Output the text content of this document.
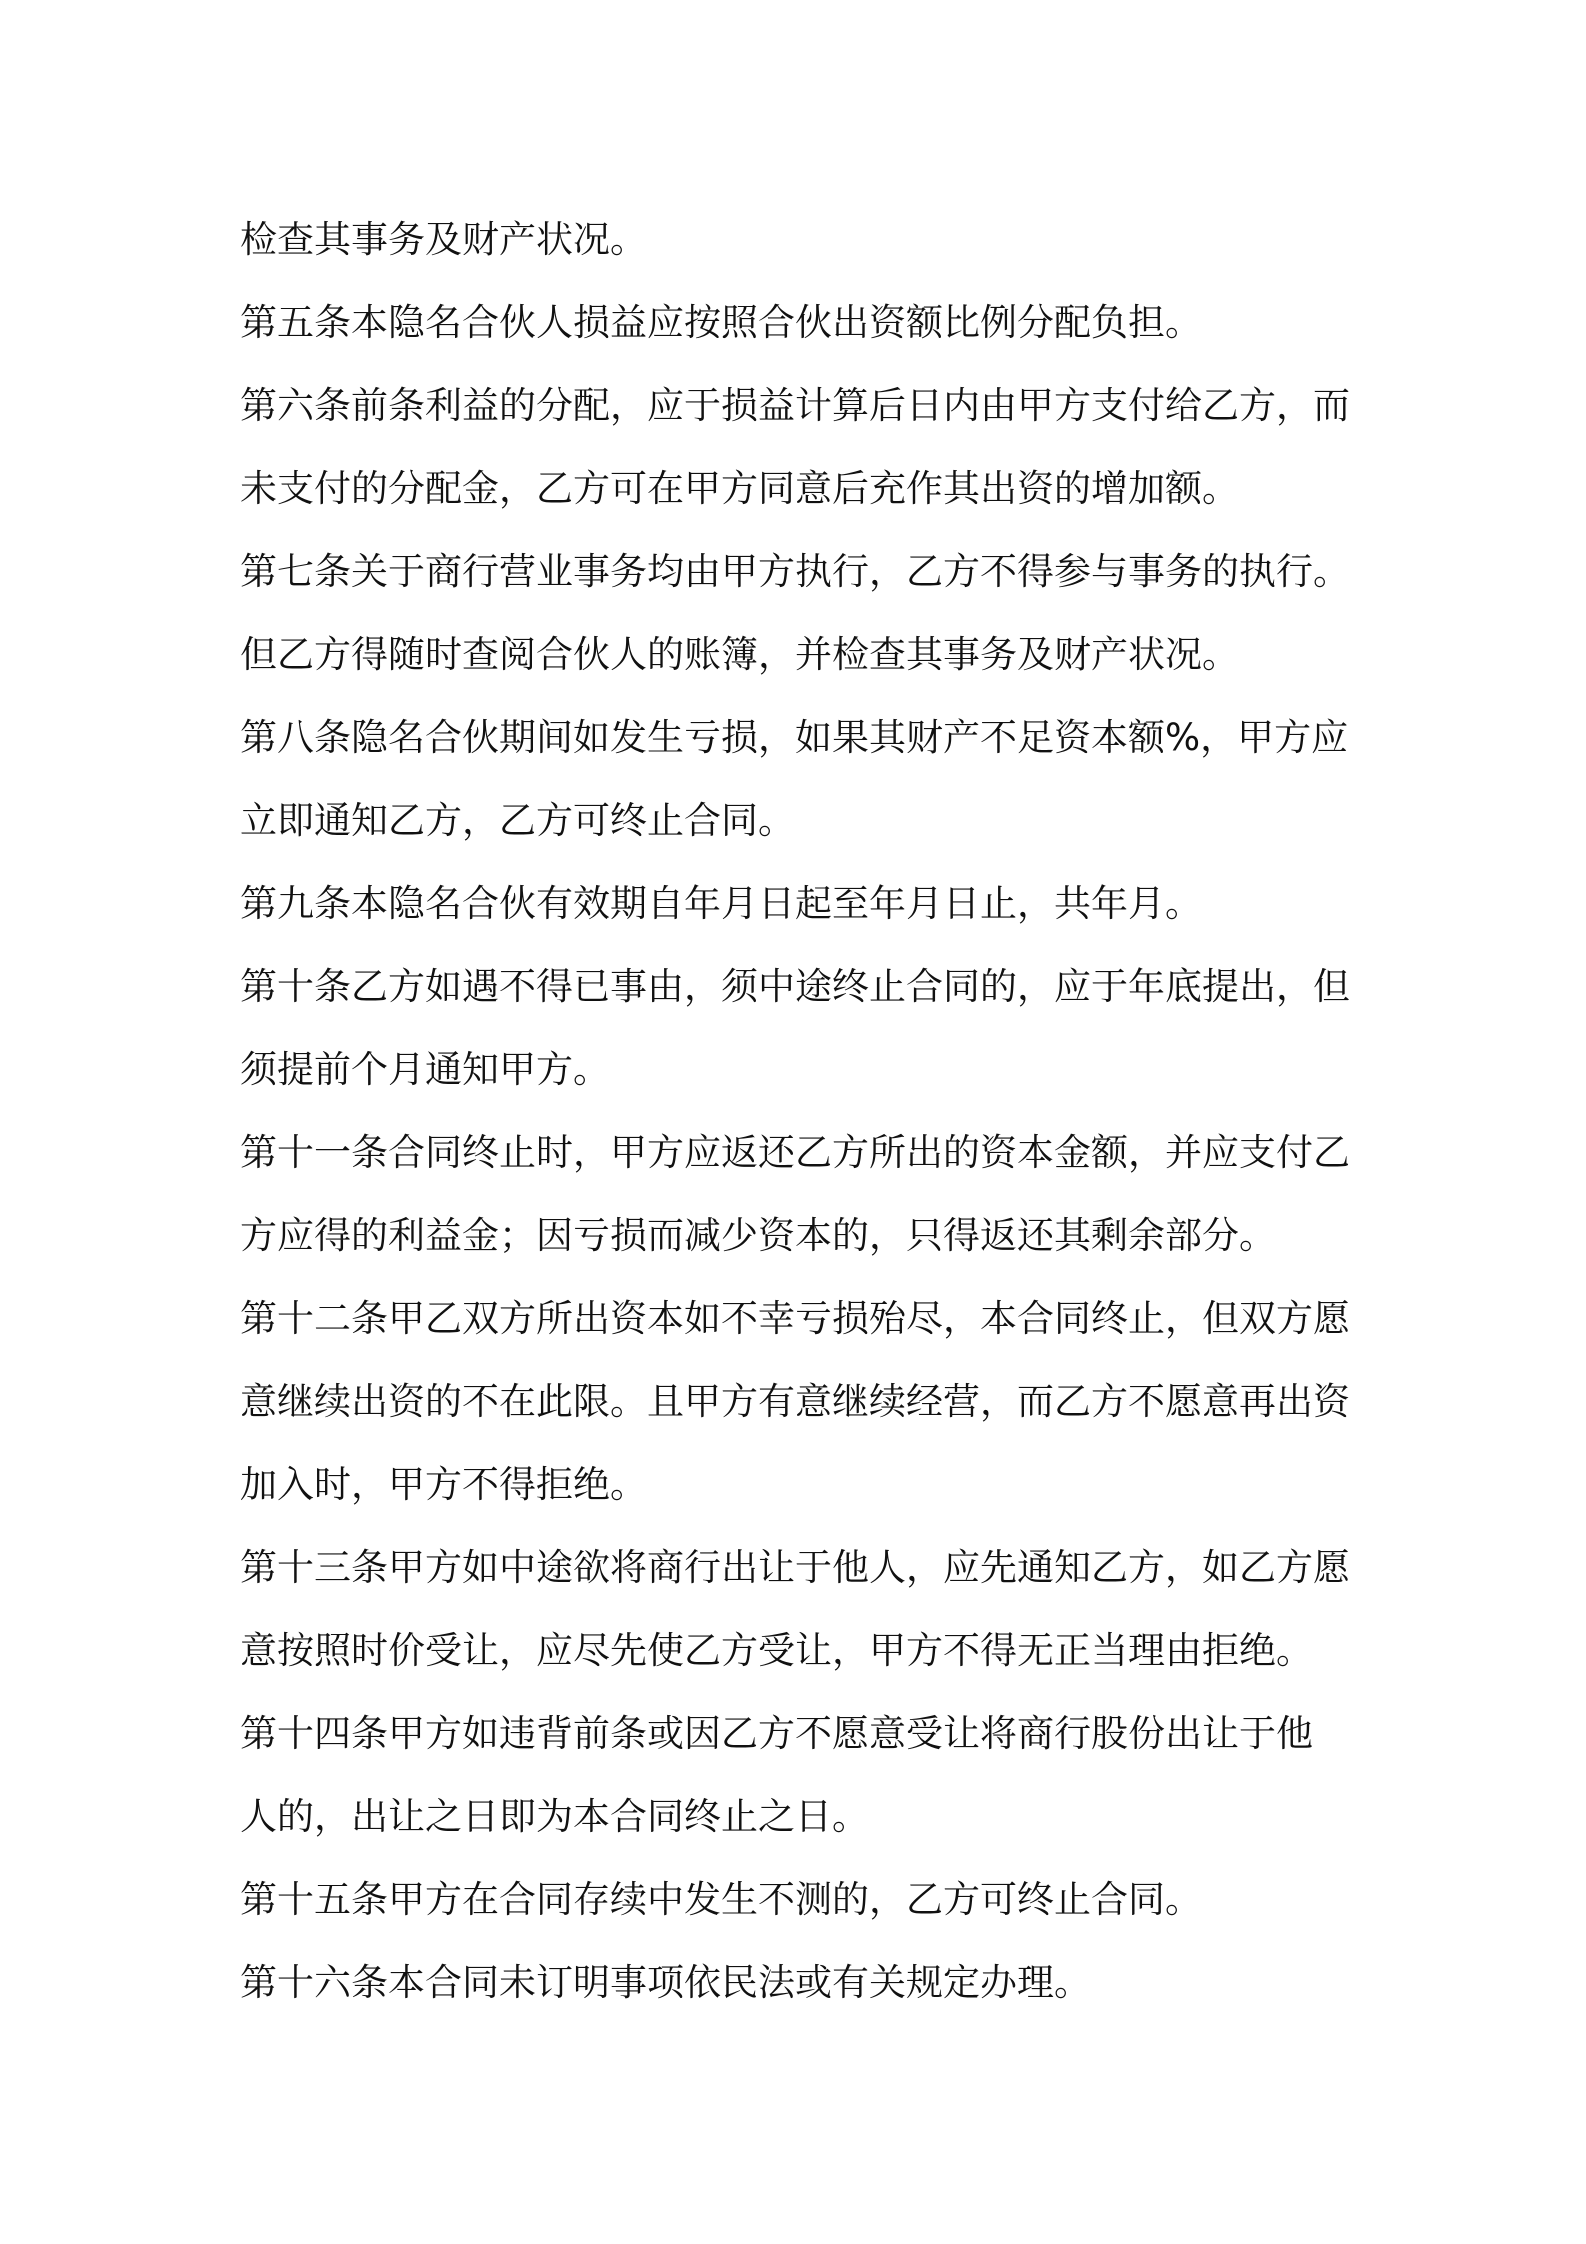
检查其事务及财产状况。
第五条本隐名合伙人损益应按照合伙出资额比例分配负担。
第六条前条利益的分配，应于损益计算后日内由甲方支付给乙方，而
未支付的分配金，乙方可在甲方同意后充作其出资的增加额。
第七条关于商行营业事务均由甲方执行，乙方不得参与事务的执行。
但乙方得随时查阅合伙人的账簿，并检查其事务及财产状况。
第八条隐名合伙期间如发生亏损，如果其财产不足资本额%，甲方应
立即通知乙方，乙方可终止合同。
第九条本隐名合伙有效期自年月日起至年月日止，共年月。
第十条乙方如遇不得已事由，须中途终止合同的，应于年底提出，但
须提前个月通知甲方。
第十一条合同终止时，甲方应返还乙方所出的资本金额，并应支付乙
方应得的利益金；因亏损而减少资本的，只得返还其剩余部分。
第十二条甲乙双方所出资本如不幸亏损殆尽，本合同终止，但双方愿
意继续出资的不在此限。且甲方有意继续经营，而乙方不愿意再出资
加入时，甲方不得拒绝。
第十三条甲方如中途欲将商行出让于他人，应先通知乙方，如乙方愿
意按照时价受让，应尽先使乙方受让，甲方不得无正当理由拒绝。
第十四条甲方如违背前条或因乙方不愿意受让将商行股份出让于他
人的，出让之日即为本合同终止之日。
第十五条甲方在合同存续中发生不测的，乙方可终止合同。
第十六条本合同未订明事项依民法或有关规定办理。
